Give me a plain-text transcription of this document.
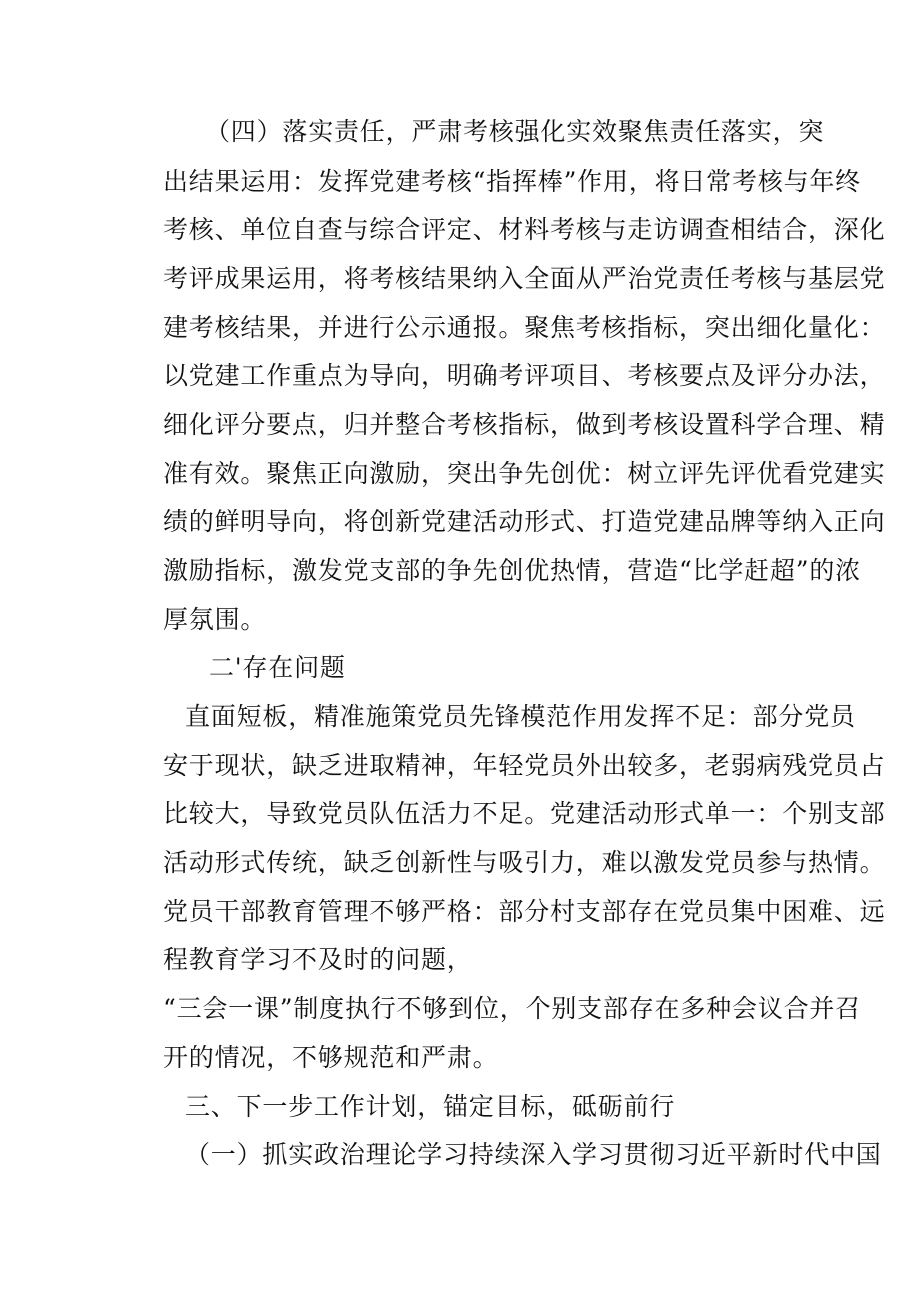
（四）落实责任，严肃考核强化实效聚焦责任落实，突

出结果运用：发挥党建考核“指挥棒”作用，将日常考核与年终

考核、单位自查与综合评定、材料考核与走访调查相结合，深化

考评成果运用，将考核结果纳入全面从严治党责任考核与基层党

建考核结果，并进行公示通报。聚焦考核指标，突出细化量化：

以党建工作重点为导向，明确考评项目、考核要点及评分办法，

细化评分要点，归并整合考核指标，做到考核设置科学合理、精

准有效。聚焦正向激励，突出争先创优：树立评先评优看党建实

绩的鲜明导向，将创新党建活动形式、打造党建品牌等纳入正向

激励指标，激发党支部的争先创优热情，营造“比学赶超”的浓

厚氛围。

二'存在问题

直面短板，精准施策党员先锋模范作用发挥不足：部分党员

安于现状，缺乏进取精神，年轻党员外出较多，老弱病残党员占

比较大，导致党员队伍活力不足。党建活动形式单一：个别支部

活动形式传统，缺乏创新性与吸引力，难以激发党员参与热情。

党员干部教育管理不够严格：部分村支部存在党员集中困难、远

程教育学习不及时的问题，

“三会一课”制度执行不够到位，个别支部存在多种会议合并召

开的情况，不够规范和严肃。

三、下一步工作计划，锚定目标，砥砺前行

（一）抓实政治理论学习持续深入学习贯彻习近平新时代中国
